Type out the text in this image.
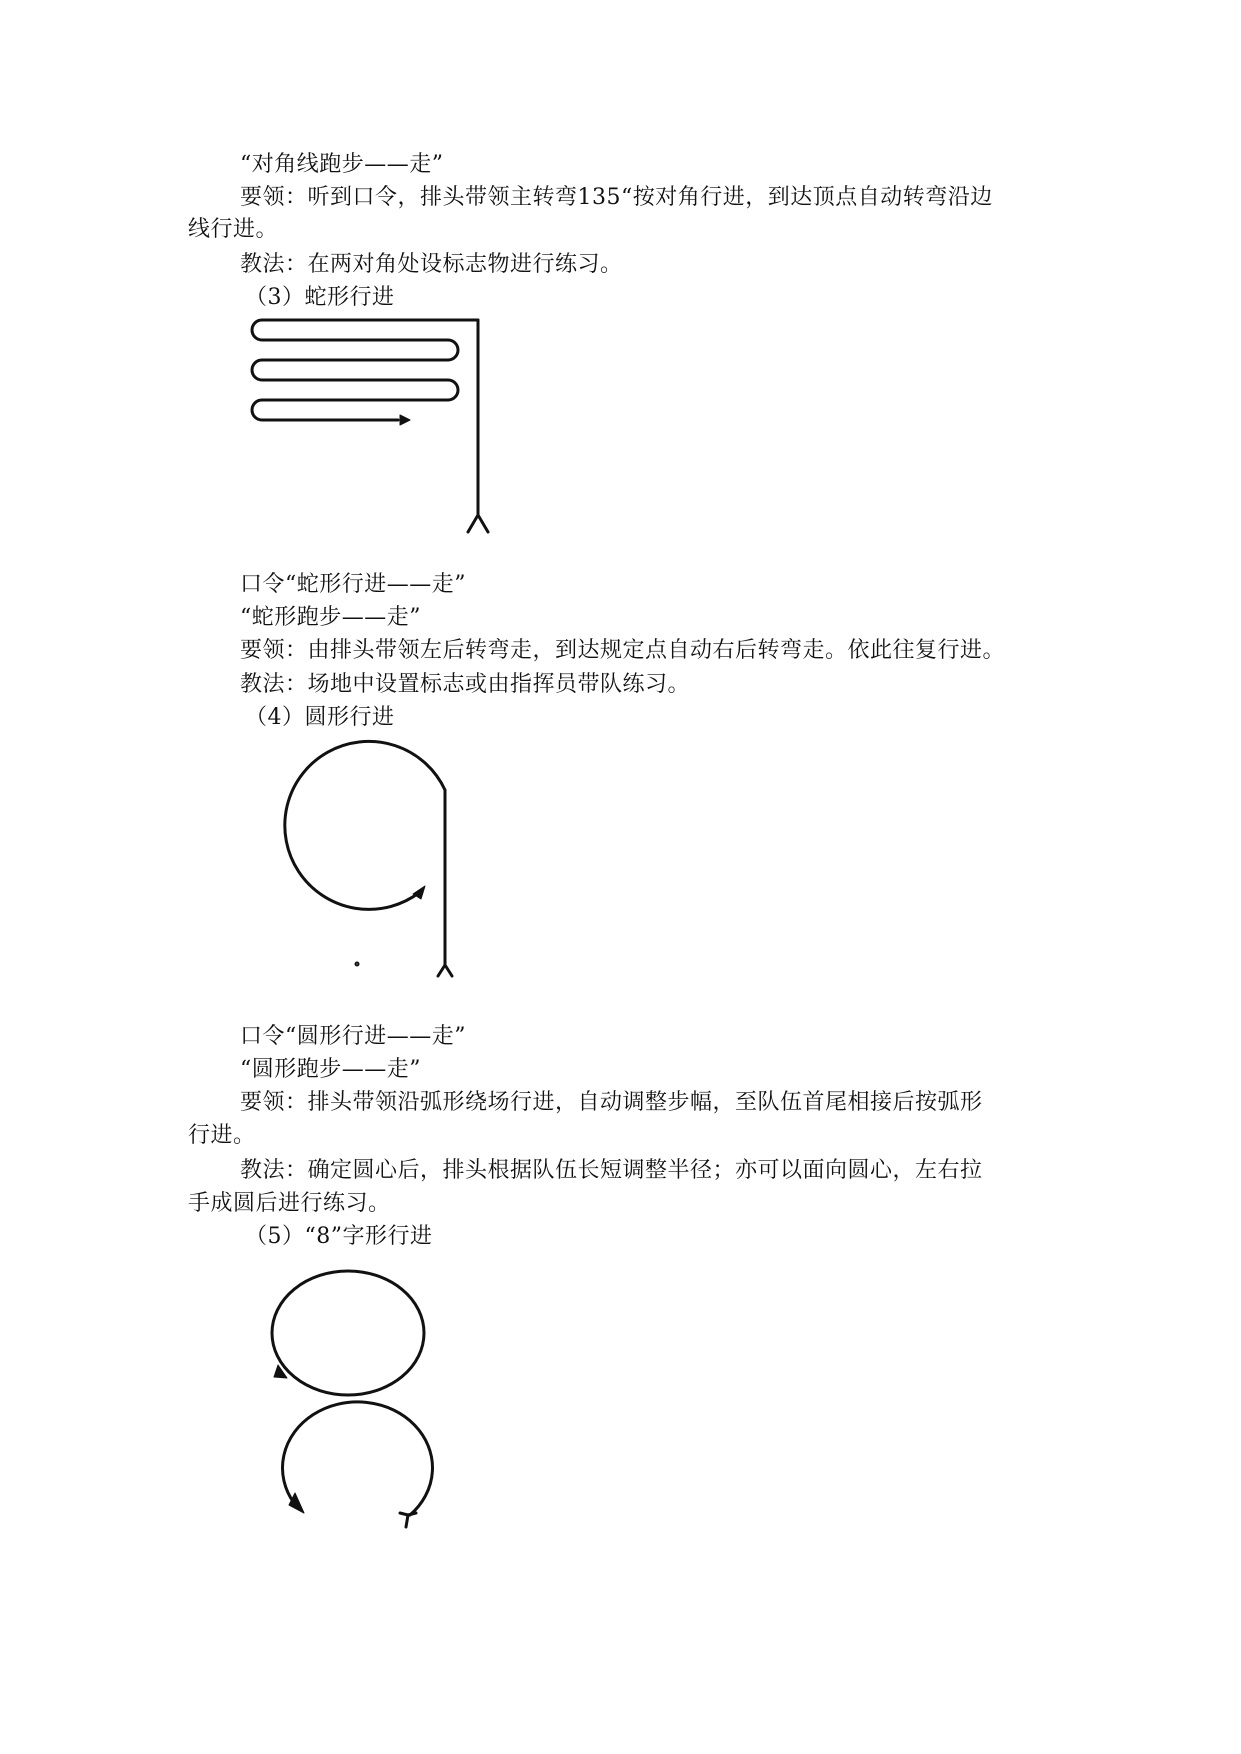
“对角线跑步——走”
要领：听到口令，排头带领主转弯135“按对角行进，到达顶点自动转弯沿边
线行进。
教法：在两对角处设标志物进行练习。
（3）蛇形行进
口令“蛇形行进——走”
“蛇形跑步——走”
要领：由排头带领左后转弯走，到达规定点自动右后转弯走。依此往复行进。
教法：场地中设置标志或由指挥员带队练习。
（4）圆形行进
口令“圆形行进——走”
“圆形跑步——走”
要领：排头带领沿弧形绕场行进，自动调整步幅，至队伍首尾相接后按弧形
行进。
教法：确定圆心后，排头根据队伍长短调整半径；亦可以面向圆心，左右拉
手成圆后进行练习。
（5）“8”字形行进
